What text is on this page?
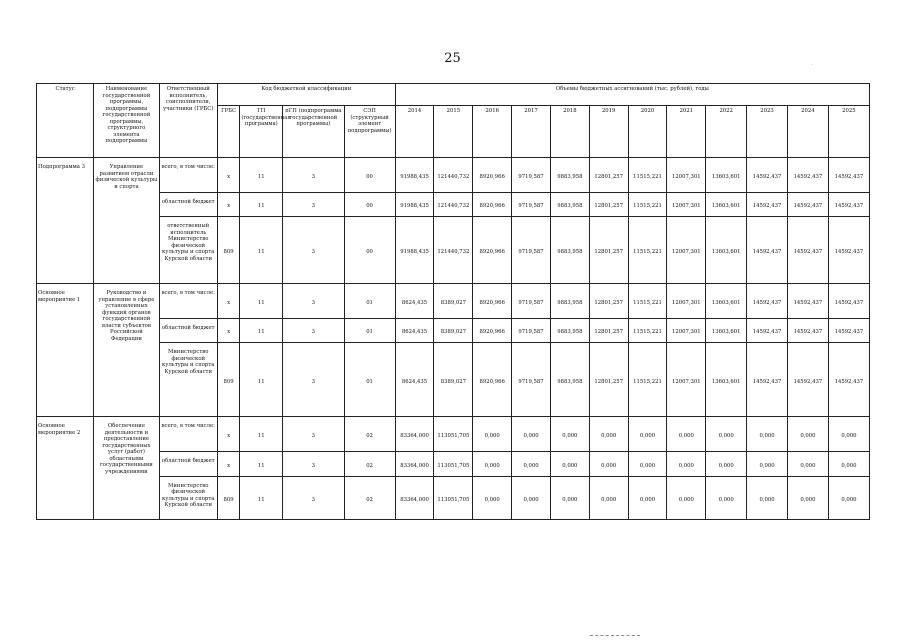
25	.
Статус	Наименование государственной программы, подпрограммы государственной программы, структурного элемента подпрограммы	Ответственный исполнитель, соисполнители, участники (ГРБС)	Код бюджетной классификации				Объемы бюджетных ассигнований (тыс. рублей), годы											
			ГРБС	ГП (государственная программа)	пГП (подпрограмма государственной программы)	СЭП (структурный элемент подпрограммы)	2014	2015	2016	2017	2018	2019	2020	2021	2022	2023	2024	2025
Подпрограмма 3	Управление развитием отрасли физической культуры и спорта	всего, в том числе:	х	11	3	00	91988,435	121440,732	8920,966	9719,587	9883,958	12801,257	11515,221	12007,301	13603,601	14592,437	14592,437	14592,437
		областной бюджет	х	11	3	00	91988,435	121440,732	8920,966	9719,587	9883,958	12801,257	11515,221	12007,301	13603,601	14592,437	14592,437	14592,437
		ответственный исполнитель Министерство физической культуры и спорта Курской области	809	11	3	00	91988,435	121440,732	8920,966	9719,587	9883,958	12801,257	11515,221	12007,301	13603,601	14592,437	14592,437	14592,437
Основное мероприятие 1	Руководство и управление в сфере установленных функций органов государственной власти субъектов Российской Федерации	всего, в том числе:	х	11	3	01	8624,435	8389,027	8920,966	9719,587	9883,958	12801,257	11515,221	12007,301	13603,601	14592,437	14592,437	14592,437
		областной бюджет	х	11	3	01	8624,435	8389,027	8920,966	9719,587	9883,958	12801,257	11515,221	12007,301	13603,601	14592,437	14592,437	14592,437
		Министерство физической культуры и спорта Курской области	809	11	3	01	8624,435	8389,027	8920,966	9719,587	9883,958	12801,257	11515,221	12007,301	13603,601	14592,437	14592,437	14592,437
Основное мероприятие 2	Обеспечение деятельности и предоставление государственных услуг (работ) областными государственными учреждениями	всего, в том числе:	х	11	3	02	83364,000	113051,705	0,000	0,000	0,000	0,000	0,000	0,000	0,000	0,000	0,000	0,000
		областной бюджет	х	11	3	02	83364,000	113051,705	0,000	0,000	0,000	0,000	0,000	0,000	0,000	0,000	0,000	0,000
		Министерство физической культуры и спорта Курской области	809	11	3	02	83364,000	113051,705	0,000	0,000	0,000	0,000	0,000	0,000	0,000	0,000	0,000	0,000
